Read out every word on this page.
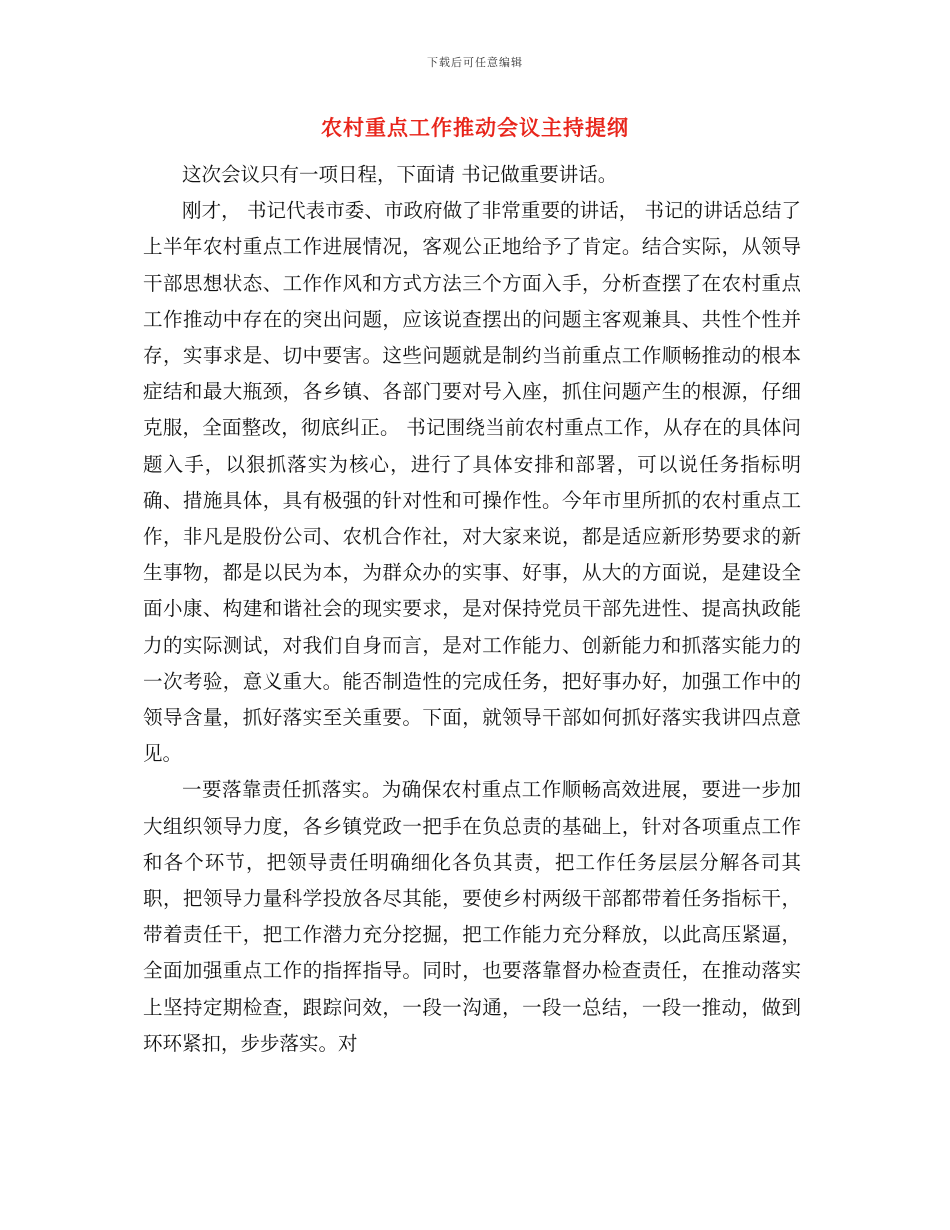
下载后可任意编辑
农村重点工作推动会议主持提纲

这次会议只有一项日程，下面请 书记做重要讲话。

刚才， 书记代表市委、市政府做了非常重要的讲话， 书记的讲话总结了上半年农村重点工作进展情况，客观公正地给予了肯定。结合实际，从领导干部思想状态、工作作风和方式方法三个方面入手，分析查摆了在农村重点工作推动中存在的突出问题，应该说查摆出的问题主客观兼具、共性个性并存，实事求是、切中要害。这些问题就是制约当前重点工作顺畅推动的根本症结和最大瓶颈，各乡镇、各部门要对号入座，抓住问题产生的根源，仔细克服，全面整改，彻底纠正。 书记围绕当前农村重点工作，从存在的具体问题入手，以狠抓落实为核心，进行了具体安排和部署，可以说任务指标明确、措施具体，具有极强的针对性和可操作性。今年市里所抓的农村重点工作，非凡是股份公司、农机合作社，对大家来说，都是适应新形势要求的新生事物，都是以民为本，为群众办的实事、好事，从大的方面说，是建设全面小康、构建和谐社会的现实要求，是对保持党员干部先进性、提高执政能力的实际测试，对我们自身而言，是对工作能力、创新能力和抓落实能力的一次考验，意义重大。能否制造性的完成任务，把好事办好，加强工作中的领导含量，抓好落实至关重要。下面，就领导干部如何抓好落实我讲四点意见。

一要落靠责任抓落实。为确保农村重点工作顺畅高效进展，要进一步加大组织领导力度，各乡镇党政一把手在负总责的基础上，针对各项重点工作和各个环节，把领导责任明确细化各负其责，把工作任务层层分解各司其职，把领导力量科学投放各尽其能，要使乡村两级干部都带着任务指标干，带着责任干，把工作潜力充分挖掘，把工作能力充分释放，以此高压紧逼，全面加强重点工作的指挥指导。同时，也要落靠督办检查责任，在推动落实上坚持定期检查，跟踪问效，一段一沟通，一段一总结，一段一推动，做到环环紧扣，步步落实。对
